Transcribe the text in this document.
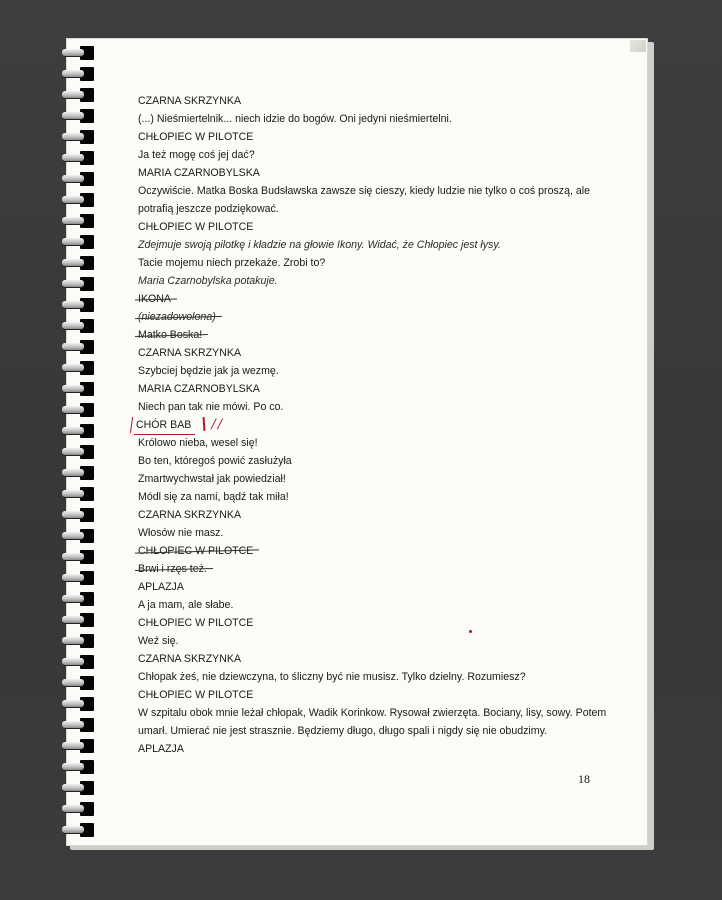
CZARNA SKRZYNKA
(...) Nieśmiertelnik... niech idzie do bogów. Oni jedyni nieśmiertelni.
CHŁOPIEC W PILOTCE
Ja też mogę coś jej dać?
MARIA CZARNOBYLSKA
Oczywiście. Matka Boska Budsławska zawsze się cieszy, kiedy ludzie nie tylko o coś proszą, ale potrafią jeszcze podziękować.
CHŁOPIEC W PILOTCE
Zdejmuje swoją pilotkę i kładzie na głowie Ikony. Widać, że Chłopiec jest łysy.
Tacie mojemu niech przekaże. Zrobi to?
Maria Czarnobylska potakuje.
IKONA
(niezadowolona)
Matko Boska!
CZARNA SKRZYNKA
Szybciej będzie jak ja wezmę.
MARIA CZARNOBYLSKA
Niech pan tak nie mówi. Po co.
CHÓR BAB //
Królowo nieba, wesel się!
Bo ten, któregoś powić zasłużyła
Zmartwychwstał jak powiedział!
Módl się za nami, bądź tak miła!
CZARNA SKRZYNKA
Włosów nie masz.
CHŁOPIEC W PILOTCE
Brwi i rzęs też.
APLAZJA
A ja mam, ale słabe.
CHŁOPIEC W PILOTCE
Weź się.
CZARNA SKRZYNKA
Chłopak żeś, nie dziewczyna, to śliczny być nie musisz. Tylko dzielny. Rozumiesz?
CHŁOPIEC W PILOTCE
W szpitalu obok mnie leżał chłopak, Wadik Korinkow. Rysował zwierzęta. Bociany, lisy, sowy. Potem umarł. Umierać nie jest strasznie. Będziemy długo, długo spali i nigdy się nie obudzimy.
APLAZJA
18
